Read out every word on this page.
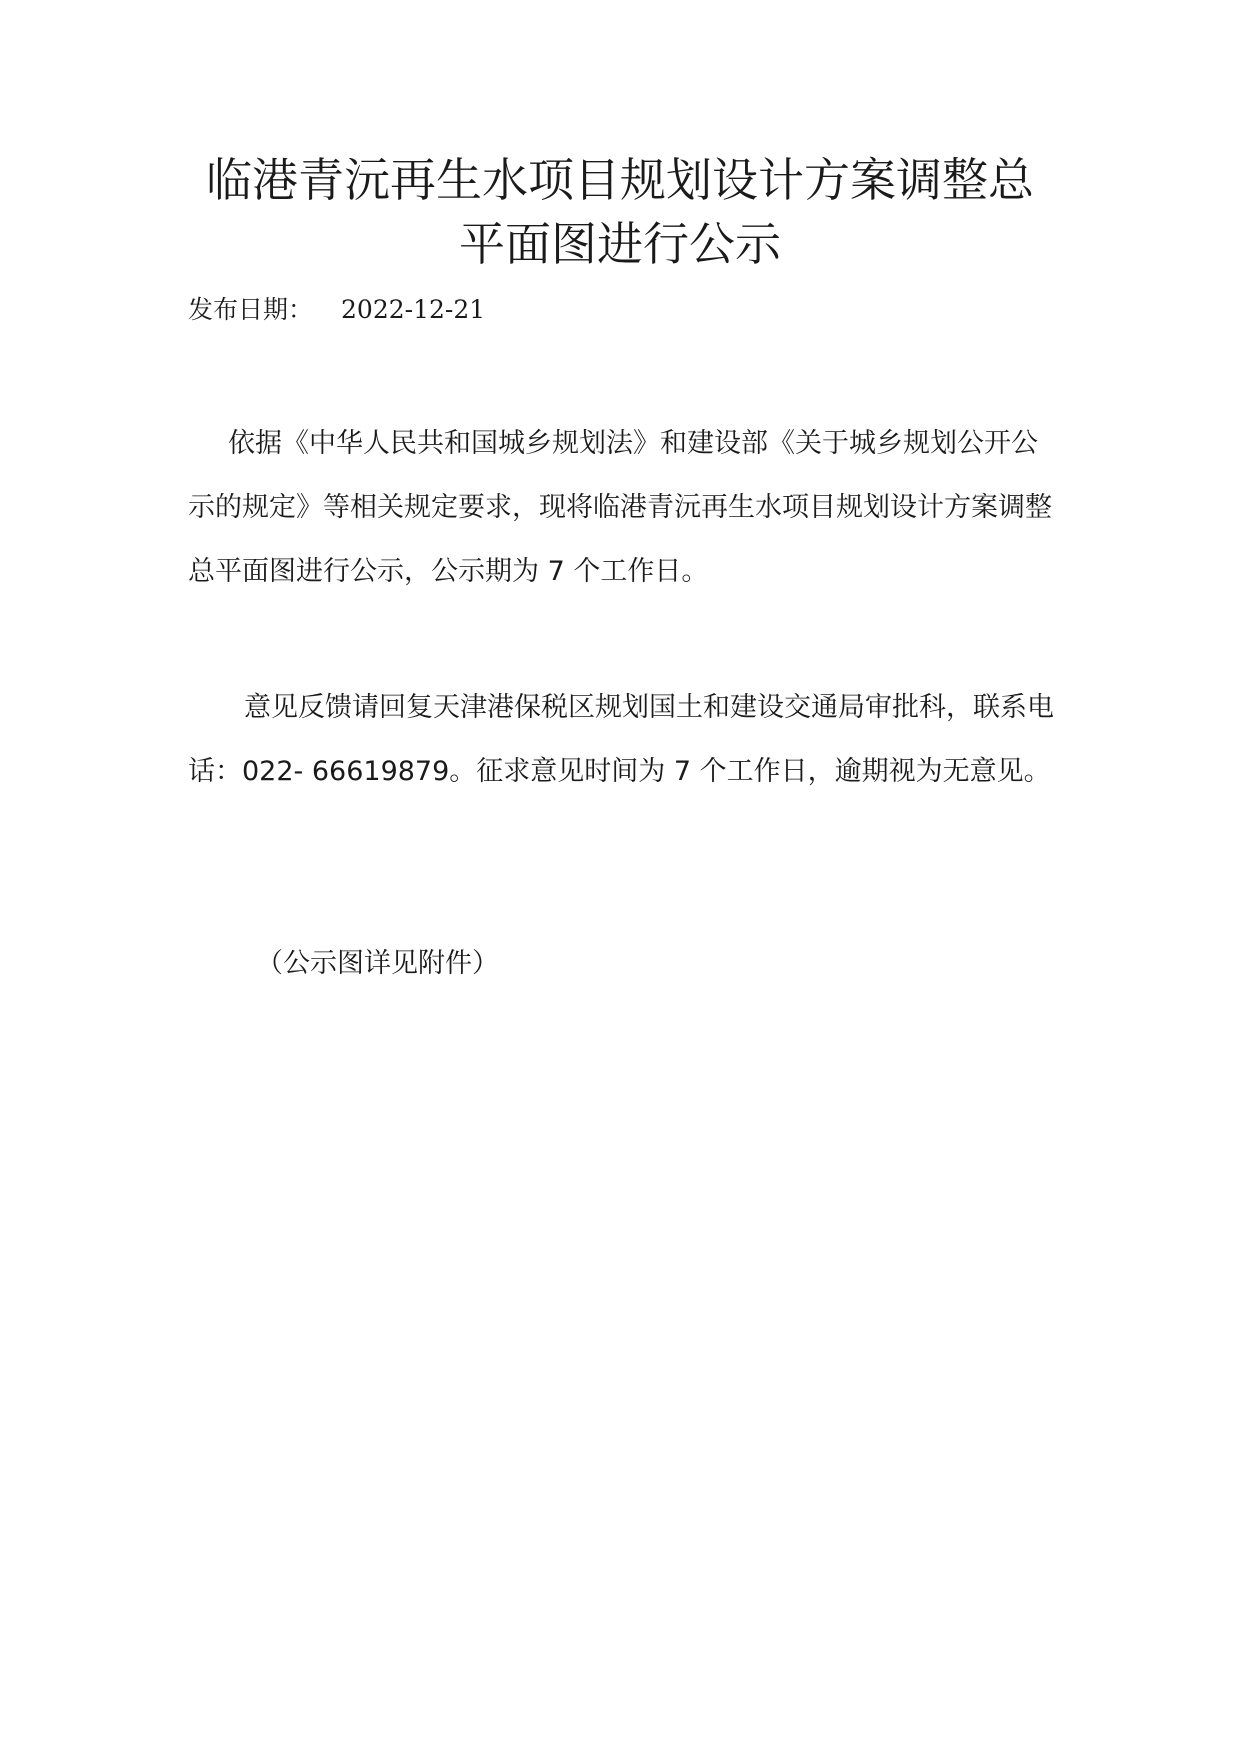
临港青沅再生水项目规划设计方案调整总
平面图进行公示
发布日期： 2022-12-21

依据《中华人民共和国城乡规划法》和建设部《关于城乡规划公开公示的规定》等相关规定要求，现将临港青沅再生水项目规划设计方案调整总平面图进行公示，公示期为 7 个工作日。

意见反馈请回复天津港保税区规划国土和建设交通局审批科，联系电话：022- 66619879。征求意见时间为 7 个工作日，逾期视为无意见。

（公示图详见附件）
